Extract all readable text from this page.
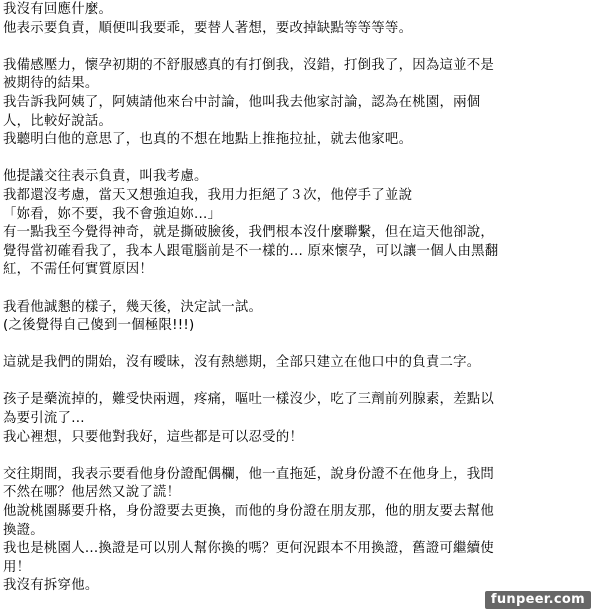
我沒有回應什麼。
他表示要負責，順便叫我要乖，要替人著想，要改掉缺點等等等等。
我備感壓力，懷孕初期的不舒服感真的有打倒我，沒錯，打倒我了，因為這並不是
被期待的結果。
我告訴我阿姨了，阿姨請他來台中討論，他叫我去他家討論，認為在桃園，兩個
人，比較好說話。
我聽明白他的意思了，也真的不想在地點上推拖拉扯，就去他家吧。
他提議交往表示負責，叫我考慮。
我都還沒考慮，當天又想強迫我，我用力拒絕了３次，他停手了並說
「妳看，妳不要，我不會強迫妳...」
有一點我至今覺得神奇，就是撕破臉後，我們根本沒什麼聯繫，但在這天他卻說，
覺得當初確看我了，我本人跟電腦前是不一樣的... 原來懷孕，可以讓一個人由黑翻
紅，不需任何實質原因！
我看他誠懇的樣子，幾天後，決定試一試。
(之後覺得自己傻到一個極限!!!)
這就是我們的開始，沒有曖昧，沒有熱戀期，全部只建立在他口中的負責二字。
孩子是藥流掉的，難受快兩週，疼痛，嘔吐一樣沒少，吃了三劑前列腺素，差點以
為要引流了...
我心裡想，只要他對我好，這些都是可以忍受的！
交往期間，我表示要看他身份證配偶欄，他一直拖延，說身份證不在他身上，我問
不然在哪？他居然又說了謊！
他說桃園縣要升格，身份證要去更換，而他的身份證在朋友那，他的朋友要去幫他
換證。
我也是桃園人...換證是可以別人幫你換的嗎？更何況跟本不用換證，舊證可繼續使
用！
我沒有拆穿他。
funpeer.com
